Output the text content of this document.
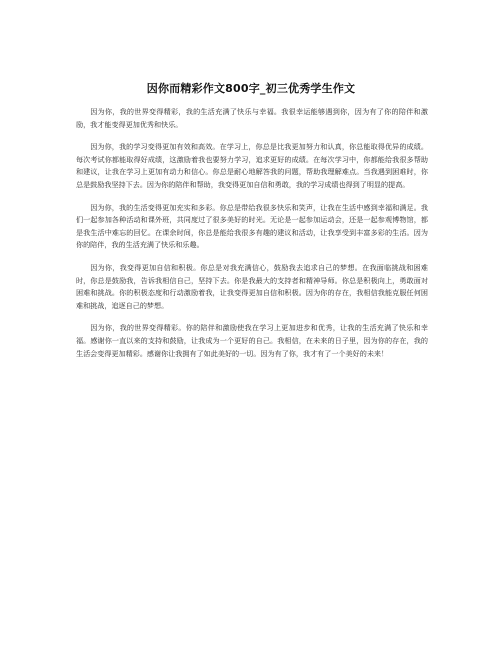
因你而精彩作文800字_初三优秀学生作文

因为你，我的世界变得精彩，我的生活充满了快乐与幸福。我很幸运能够遇到你，因为有了你的陪伴和激励，我才能变得更加优秀和快乐。

因为你，我的学习变得更加有效和高效。在学习上，你总是比我更加努力和认真，你总能取得优异的成绩。每次考试你都能取得好成绩，这激励着我也要努力学习，追求更好的成绩。在每次学习中，你都能给我很多帮助和建议，让我在学习上更加有动力和信心。你总是耐心地解答我的问题，帮助我理解难点。当我遇到困难时，你总是鼓励我坚持下去。因为你的陪伴和帮助，我变得更加自信和勇敢，我的学习成绩也得到了明显的提高。

因为你，我的生活变得更加充实和多彩。你总是带给我很多快乐和笑声，让我在生活中感到幸福和满足。我们一起参加各种活动和课外班，共同度过了很多美好的时光。无论是一起参加运动会，还是一起参观博物馆，都是我生活中难忘的回忆。在课余时间，你总是能给我很多有趣的建议和活动，让我享受到丰富多彩的生活。因为你的陪伴，我的生活充满了快乐和乐趣。

因为你，我变得更加自信和积极。你总是对我充满信心，鼓励我去追求自己的梦想。在我面临挑战和困难时，你总是鼓励我，告诉我相信自己，坚持下去。你是我最大的支持者和精神导师。你总是积极向上，勇敢面对困难和挑战。你的积极态度和行动激励着我，让我变得更加自信和积极。因为你的存在，我相信我能克服任何困难和挑战，追逐自己的梦想。

因为你，我的世界变得精彩。你的陪伴和激励使我在学习上更加进步和优秀，让我的生活充满了快乐和幸福。感谢你一直以来的支持和鼓励，让我成为一个更好的自己。我相信，在未来的日子里，因为你的存在，我的生活会变得更加精彩。感谢你让我拥有了如此美好的一切。因为有了你，我才有了一个美好的未来！
